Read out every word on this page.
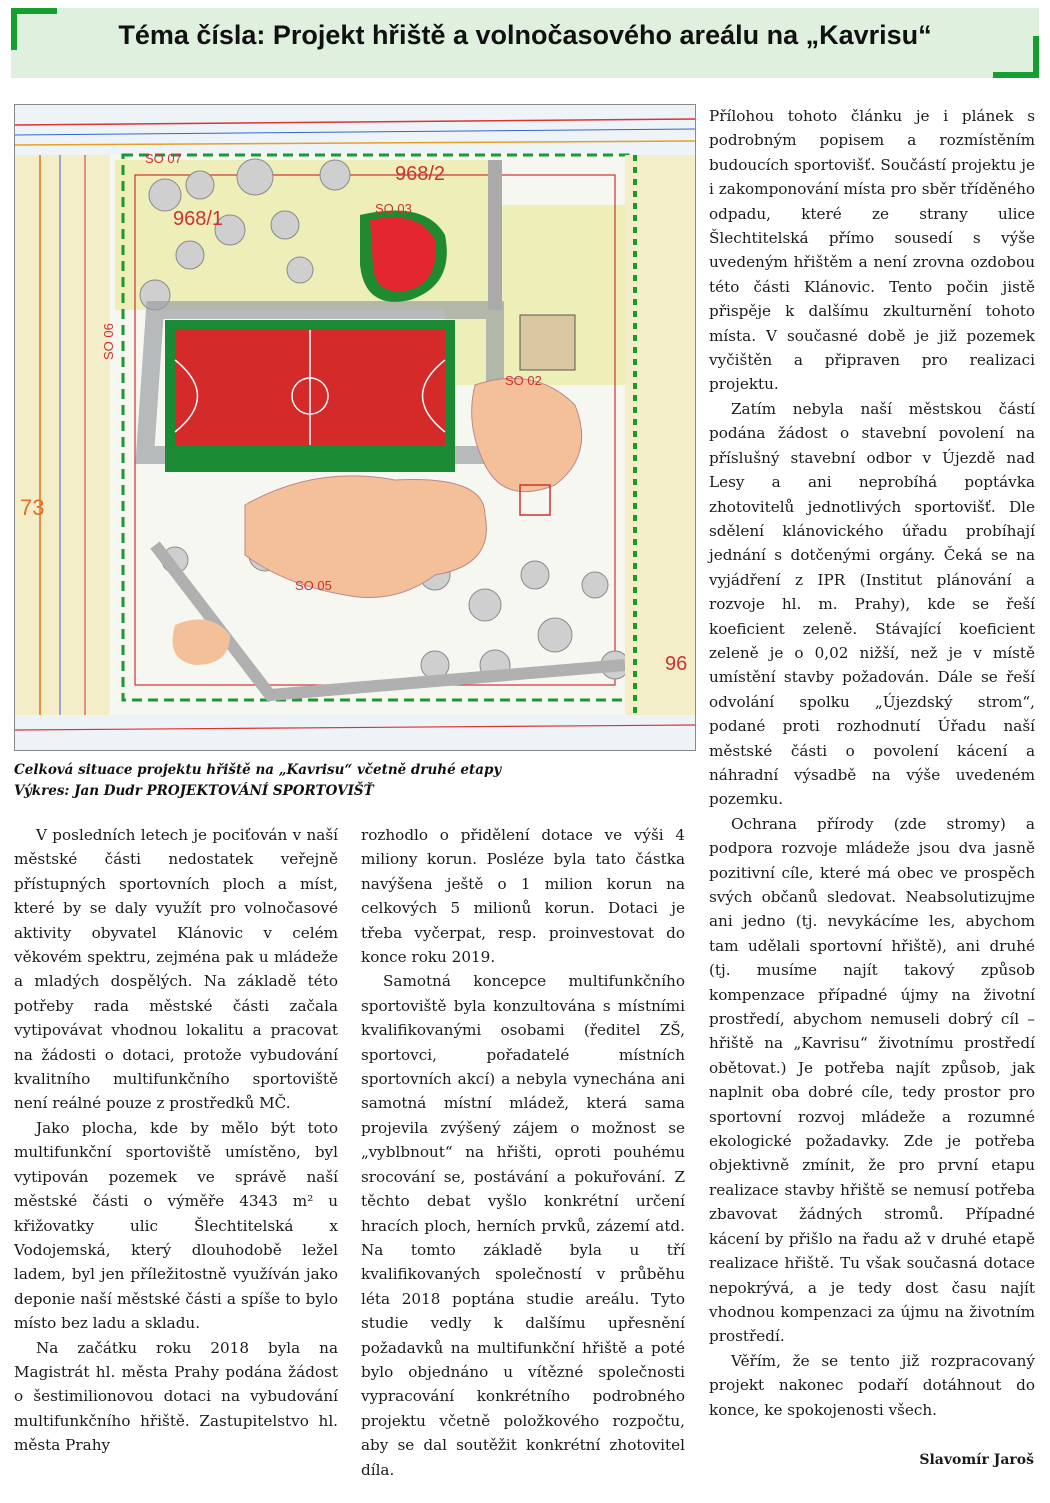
Téma čísla: Projekt hřiště a volnočasového areálu na „Kavrisu“
SO 07
SO 03
SO 02
SO 05
SO 06
968/1
968/2
73
96
Celková situace projektu hřiště na „Kavrisu“ včetně druhé etapy
Výkres: Jan Dudr PROJEKTOVÁNÍ SPORTOVIŠŤ

V posledních letech je pociťován v naší městské části nedostatek veřejně přístupných sportovních ploch a míst, které by se daly využít pro volnočasové aktivity obyvatel Klánovic v celém věkovém spektru, zejména pak u mládeže a mladých dospělých. Na základě této potřeby rada městské části začala vytipovávat vhodnou lokalitu a pracovat na žádosti o dotaci, protože vybudování kvalitního multifunkčního sportoviště není reálné pouze z prostředků MČ.

Jako plocha, kde by mělo být toto multifunkční sportoviště umístěno, byl vytipován pozemek ve správě naší městské části o výměře 4343 m² u křižovatky ulic Šlechtitelská x Vodojemská, který dlouhodobě ležel ladem, byl jen příležitostně využíván jako deponie naší městské části a spíše to bylo místo bez ladu a skladu.

Na začátku roku 2018 byla na Magistrát hl. města Prahy podána žádost o šestimilionovou dotaci na vybudování multifunkčního hřiště. Zastupitelstvo hl. města Prahy

rozhodlo o přidělení dotace ve výši 4 miliony korun. Posléze byla tato částka navýšena ještě o 1 milion korun na celkových 5 milionů korun. Dotaci je třeba vyčerpat, resp. proinvestovat do konce roku 2019.

Samotná koncepce multifunkčního sportoviště byla konzultována s místními kvalifikovanými osobami (ředitel ZŠ, sportovci, pořadatelé místních sportovních akcí) a nebyla vynechána ani samotná místní mládež, která sama projevila zvýšený zájem o možnost se „vyblbnout“ na hřišti, oproti pouhému srocování se, postávání a pokuřování. Z těchto debat vyšlo konkrétní určení hracích ploch, herních prvků, zázemí atd. Na tomto základě byla u tří kvalifikovaných společností v průběhu léta 2018 poptána studie areálu. Tyto studie vedly k dalšímu upřesnění požadavků na multifunkční hřiště a poté bylo objednáno u vítězné společnosti vypracování konkrétního podrobného projektu včetně položkového rozpočtu, aby se dal soutěžit konkrétní zhotovitel díla.

Přílohou tohoto článku je i plánek s podrobným popisem a rozmístěním budoucích sportovišť. Součástí projektu je i zakomponování místa pro sběr tříděného odpadu, které ze strany ulice Šlechtitelská přímo sousedí s výše uvedeným hřištěm a není zrovna ozdobou této části Klánovic. Tento počin jistě přispěje k dalšímu zkulturnění tohoto místa. V současné době je již pozemek vyčištěn a připraven pro realizaci projektu.

Zatím nebyla naší městskou částí podána žádost o stavební povolení na příslušný stavební odbor v Újezdě nad Lesy a ani neprobíhá poptávka zhotovitelů jednotlivých sportovišť. Dle sdělení klánovického úřadu probíhají jednání s dotčenými orgány. Čeká se na vyjádření z IPR (Institut plánování a rozvoje hl. m. Prahy), kde se řeší koeficient zeleně. Stávající koeficient zeleně je o 0,02 nižší, než je v místě umístění stavby požadován. Dále se řeší odvolání spolku „Újezdský strom“, podané proti rozhodnutí Úřadu naší městské části o povolení kácení a náhradní výsadbě na výše uvedeném pozemku.

Ochrana přírody (zde stromy) a podpora rozvoje mládeže jsou dva jasně pozitivní cíle, které má obec ve prospěch svých občanů sledovat. Neabsolutizujme ani jedno (tj. nevykácíme les, abychom tam udělali sportovní hřiště), ani druhé (tj. musíme najít takový způsob kompenzace případné újmy na životní prostředí, abychom nemuseli dobrý cíl – hřiště na „Kavrisu“ životnímu prostředí obětovat.) Je potřeba najít způsob, jak naplnit oba dobré cíle, tedy prostor pro sportovní rozvoj mládeže a rozumné ekologické požadavky. Zde je potřeba objektivně zmínit, že pro první etapu realizace stavby hřiště se nemusí potřeba zbavovat žádných stromů. Případné kácení by přišlo na řadu až v druhé etapě realizace hřiště. Tu však současná dotace nepokrývá, a je tedy dost času najít vhodnou kompenzaci za újmu na životním prostředí.

Věřím, že se tento již rozpracovaný projekt nakonec podaří dotáhnout do konce, ke spokojenosti všech.

Slavomír Jaroš
